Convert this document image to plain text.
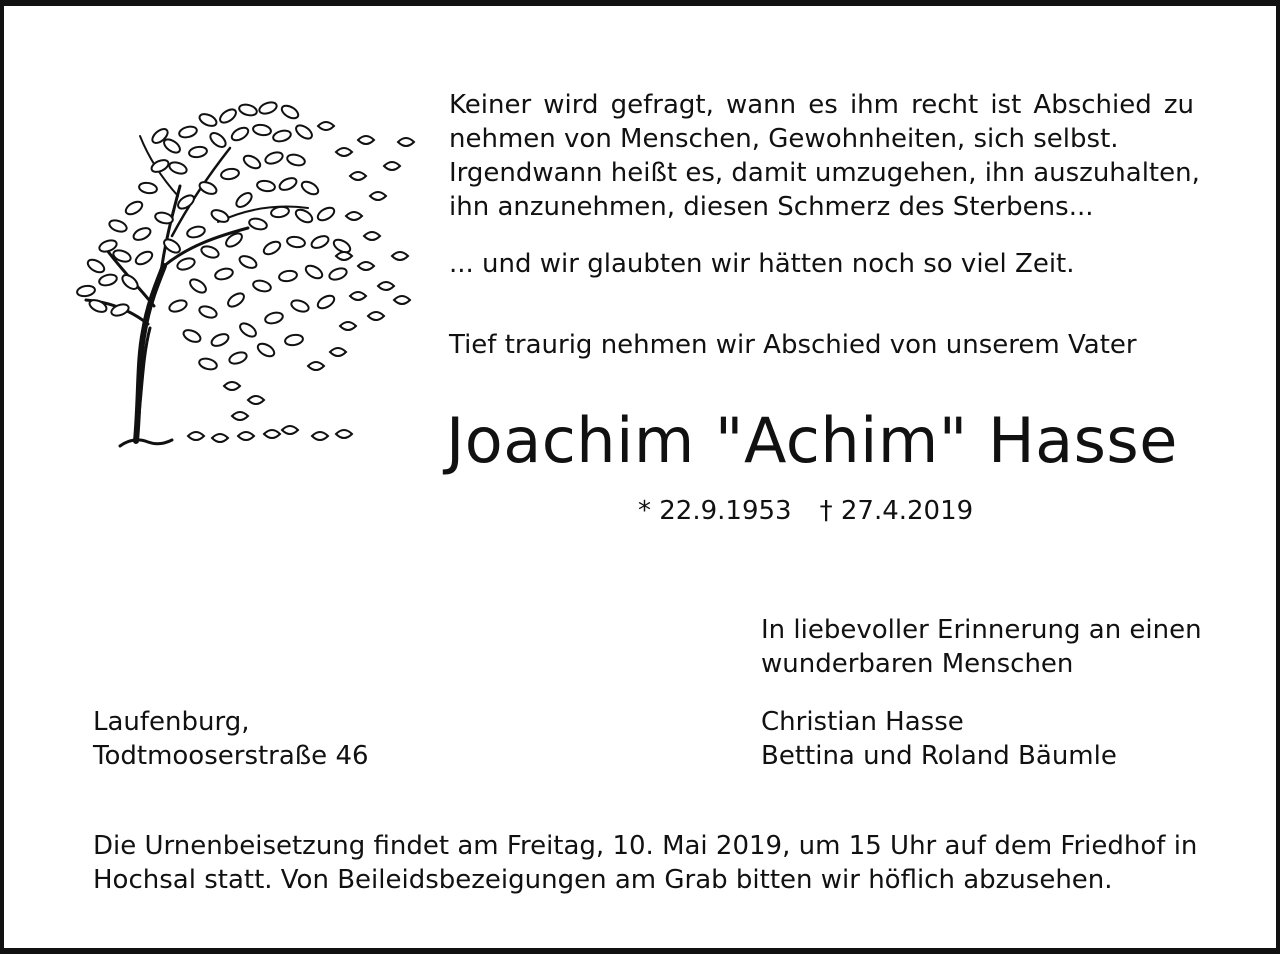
Keiner wird gefragt, wann es ihm recht ist Abschied zu
nehmen von Menschen, Gewohnheiten, sich selbst.
Irgendwann heißt es, damit umzugehen, ihn auszuhalten,
ihn anzunehmen, diesen Schmerz des Sterbens...

... und wir glaubten wir hätten noch so viel Zeit.

Tief traurig nehmen wir Abschied von unserem Vater

Joachim "Achim" Hasse
* 22.9.1953 † 27.4.2019

In liebevoller Erinnerung an einen
wunderbaren Menschen

Laufenburg,
Todtmooserstraße 46

Christian Hasse
Bettina und Roland Bäumle

Die Urnenbeisetzung findet am Freitag, 10. Mai 2019, um 15 Uhr auf dem Friedhof in
Hochsal statt. Von Beileidsbezeigungen am Grab bitten wir höflich abzusehen.
